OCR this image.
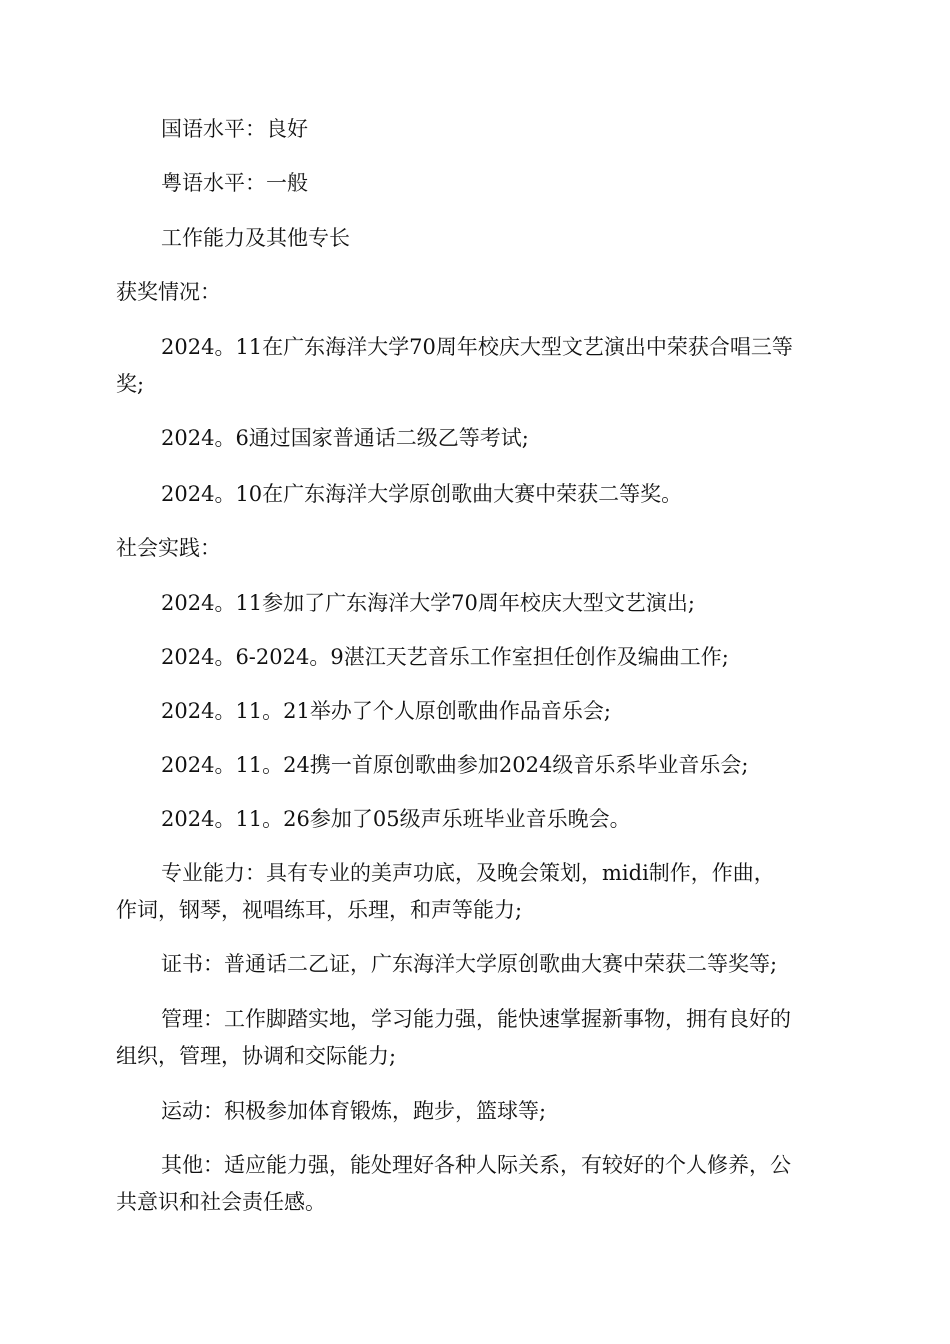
国语水平：良好
粤语水平：一般
工作能力及其他专长
获奖情况：
2024。11在广东海洋大学70周年校庆大型文艺演出中荣获合唱三等
奖;
2024。6通过国家普通话二级乙等考试;
2024。10在广东海洋大学原创歌曲大赛中荣获二等奖。
社会实践：
2024。11参加了广东海洋大学70周年校庆大型文艺演出;
2024。6-2024。9湛江天艺音乐工作室担任创作及编曲工作;
2024。11。21举办了个人原创歌曲作品音乐会;
2024。11。24携一首原创歌曲参加2024级音乐系毕业音乐会;
2024。11。26参加了05级声乐班毕业音乐晚会。
专业能力：具有专业的美声功底，及晚会策划，midi制作，作曲，
作词，钢琴，视唱练耳，乐理，和声等能力;
证书：普通话二乙证，广东海洋大学原创歌曲大赛中荣获二等奖等;
管理：工作脚踏实地，学习能力强，能快速掌握新事物，拥有良好的
组织，管理，协调和交际能力;
运动：积极参加体育锻炼，跑步，篮球等;
其他：适应能力强，能处理好各种人际关系，有较好的个人修养，公
共意识和社会责任感。
